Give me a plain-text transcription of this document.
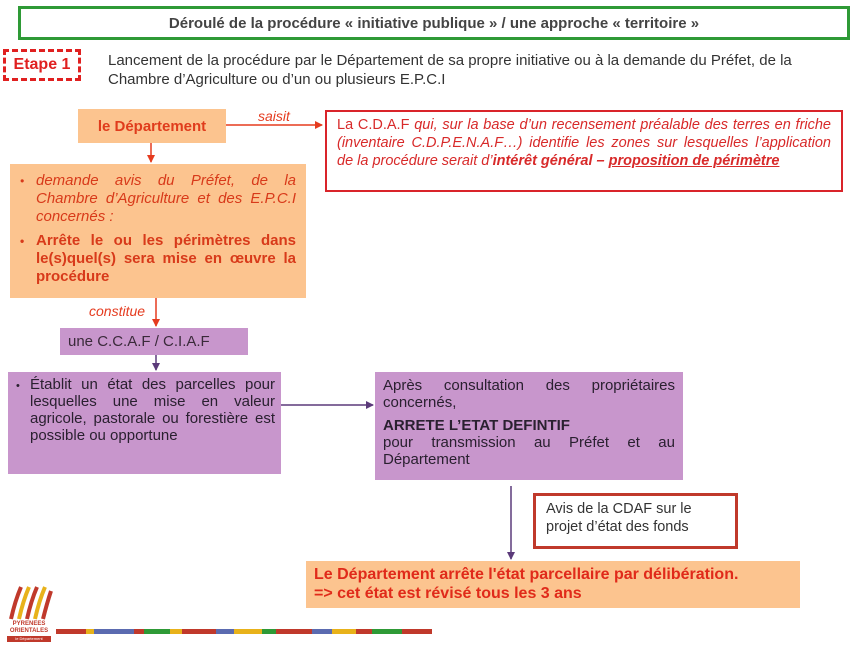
Déroulé de la procédure « initiative publique » / une approche « territoire »
Etape 1	Lancement de la procédure par le Département de sa propre initiative ou à la demande du Préfet, de la Chambre d’Agriculture ou d’un ou plusieurs E.P.C.I
le Département
saisit
La C.D.A.F qui, sur la base d’un recensement préalable des terres en friche (inventaire C.D.P.E.N.A.F…) identifie les zones sur lesquelles l’application de la procédure serait d’intérêt général – proposition de périmètre
• demande avis du Préfet, de la Chambre d’Agriculture et des E.P.C.I concernés :
• Arrête le ou les périmètres dans le(s)quel(s) sera mise en œuvre la procédure
constitue
une C.C.A.F / C.I.A.F
• Établit un état des parcelles pour lesquelles une mise en valeur agricole, pastorale ou forestière est possible ou opportune
Après consultation des propriétaires concernés,
ARRETE L’ETAT DEFINTIF
pour transmission au Préfet et au Département
Avis de la CDAF sur le projet d’état des fonds
Le Département arrête l'état parcellaire par délibération.
=> cet état est révisé tous les 3 ans
PYRENEES ORIENTALES
le Département
